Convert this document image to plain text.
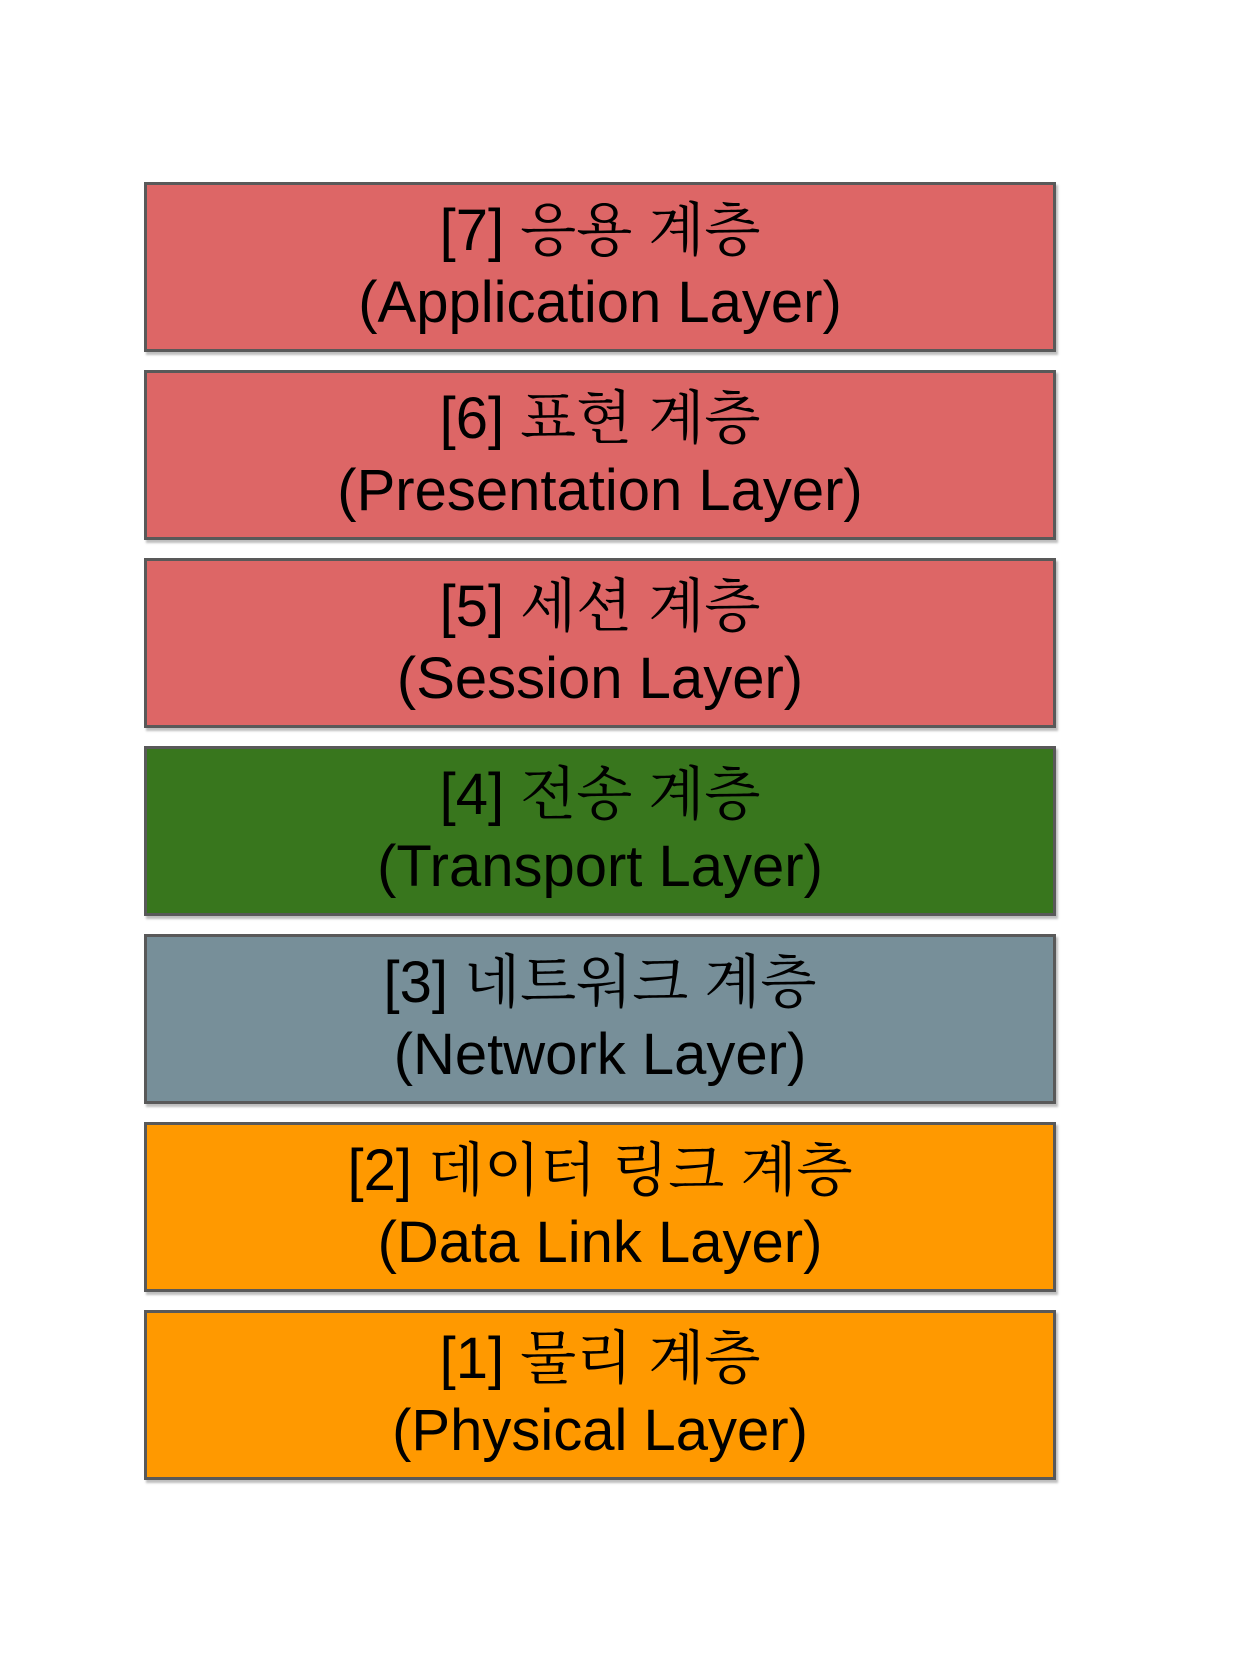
[7] 응용 계층
(Application Layer)
[6] 표현 계층
(Presentation Layer)
[5] 세션 계층
(Session Layer)
[4] 전송 계층
(Transport Layer)
[3] 네트워크 계층
(Network Layer)
[2] 데이터 링크 계층
(Data Link Layer)
[1] 물리 계층
(Physical Layer)
